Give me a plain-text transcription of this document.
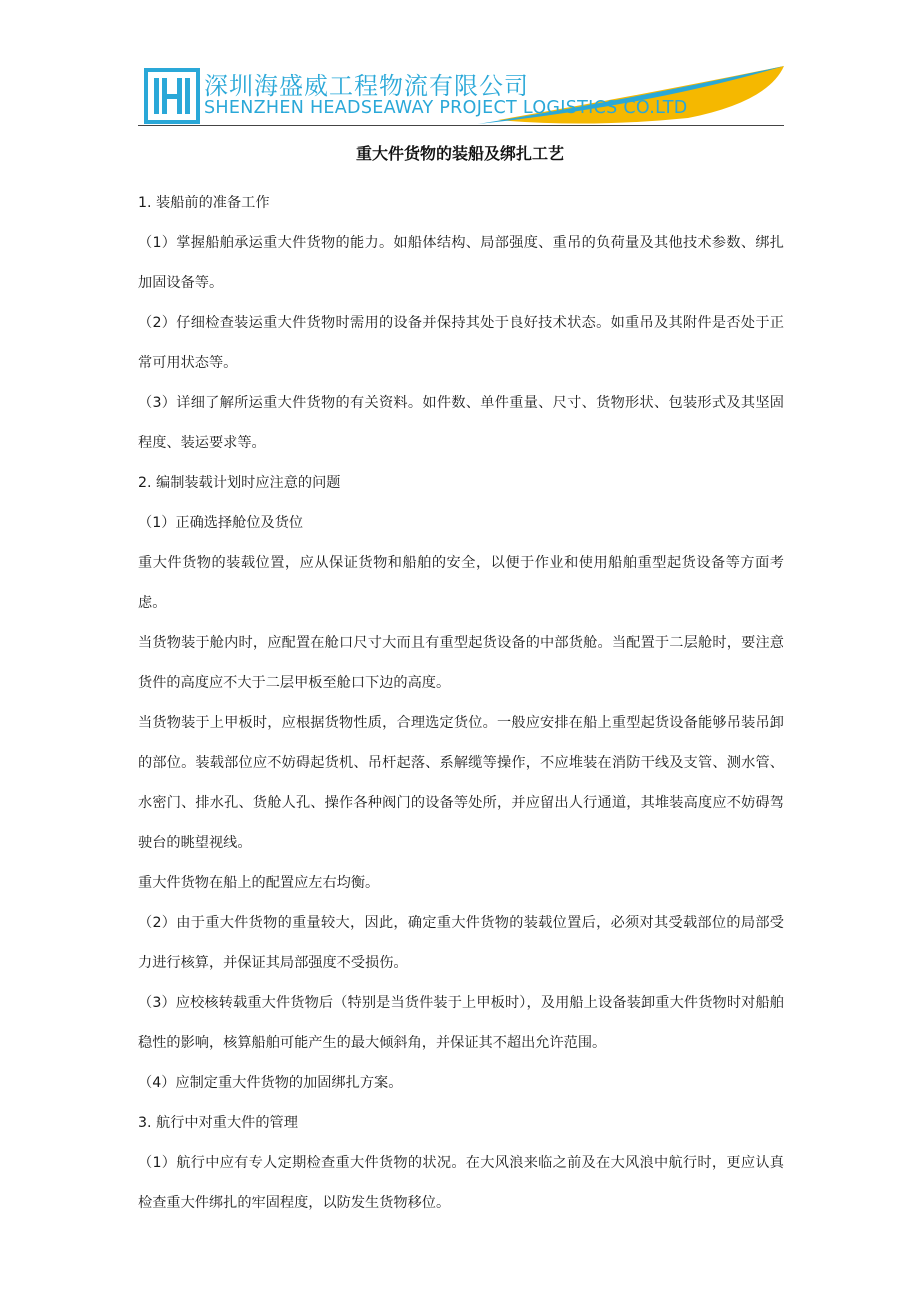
深圳海盛威工程物流有限公司
SHENZHEN HEADSEAWAY PROJECT LOGISTICS CO.LTD
重大件货物的装船及绑扎工艺

1. 装船前的准备工作

（1）掌握船舶承运重大件货物的能力。如船体结构、局部强度、重吊的负荷量及其他技术参数、绑扎加固设备等。

（2）仔细检查装运重大件货物时需用的设备并保持其处于良好技术状态。如重吊及其附件是否处于正常可用状态等。

（3）详细了解所运重大件货物的有关资料。如件数、单件重量、尺寸、货物形状、包装形式及其坚固程度、装运要求等。

2. 编制装载计划时应注意的问题

（1）正确选择舱位及货位

重大件货物的装载位置，应从保证货物和船舶的安全，以便于作业和使用船舶重型起货设备等方面考虑。

当货物装于舱内时，应配置在舱口尺寸大而且有重型起货设备的中部货舱。当配置于二层舱时，要注意货件的高度应不大于二层甲板至舱口下边的高度。

当货物装于上甲板时，应根据货物性质，合理选定货位。一般应安排在船上重型起货设备能够吊装吊卸的部位。装载部位应不妨碍起货机、吊杆起落、系解缆等操作，不应堆装在消防干线及支管、测水管、水密门、排水孔、货舱人孔、操作各种阀门的设备等处所，并应留出人行通道，其堆装高度应不妨碍驾驶台的眺望视线。

重大件货物在船上的配置应左右均衡。

（2）由于重大件货物的重量较大，因此，确定重大件货物的装载位置后，必须对其受载部位的局部受力进行核算，并保证其局部强度不受损伤。

（3）应校核转载重大件货物后（特别是当货件装于上甲板时），及用船上设备装卸重大件货物时对船舶稳性的影响，核算船舶可能产生的最大倾斜角，并保证其不超出允许范围。

（4）应制定重大件货物的加固绑扎方案。

3. 航行中对重大件的管理

（1）航行中应有专人定期检查重大件货物的状况。在大风浪来临之前及在大风浪中航行时，更应认真检查重大件绑扎的牢固程度，以防发生货物移位。
